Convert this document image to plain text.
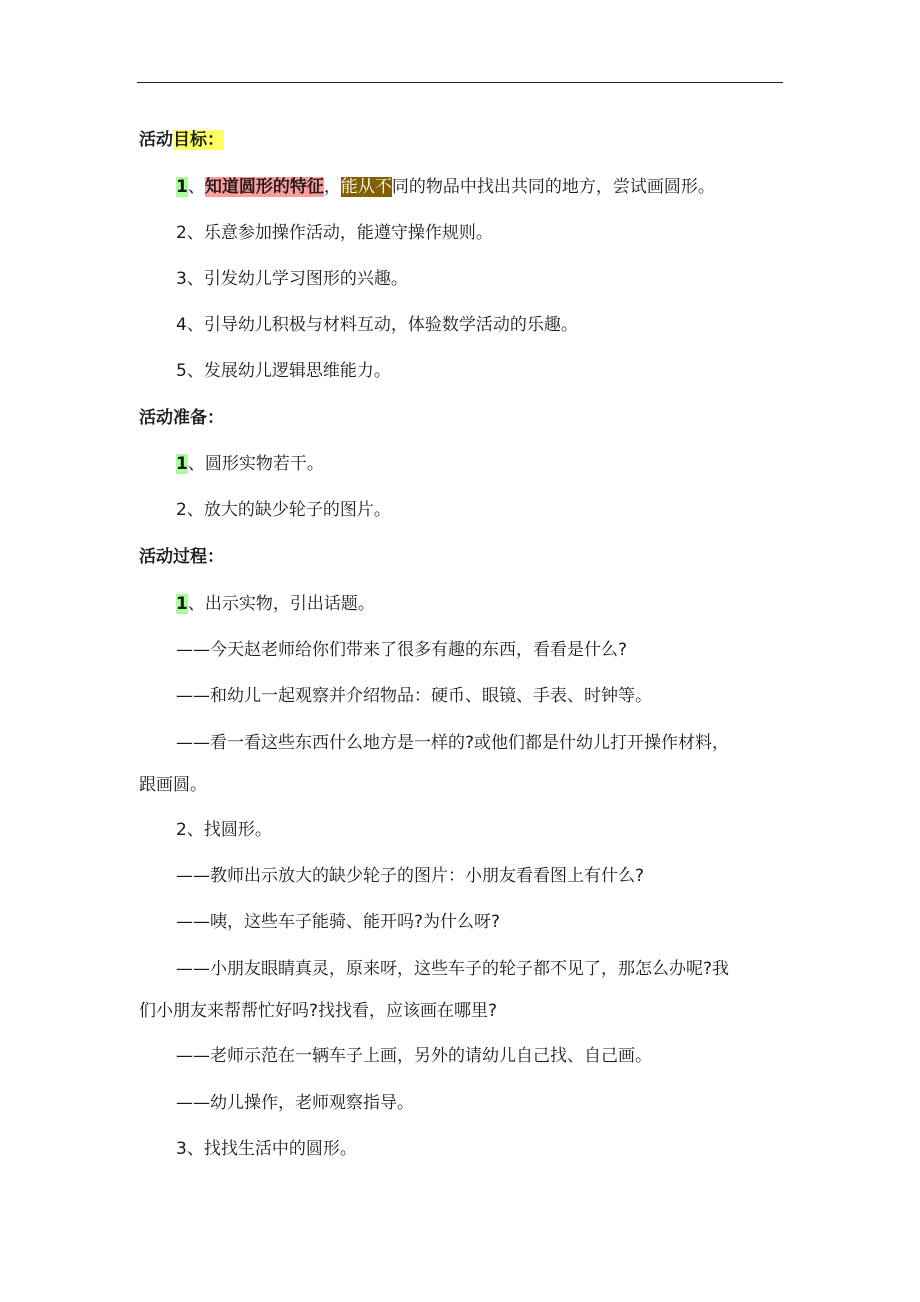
活动目标：
1、知道圆形的特征，能从不同的物品中找出共同的地方，尝试画圆形。
2、乐意参加操作活动，能遵守操作规则。
3、引发幼儿学习图形的兴趣。
4、引导幼儿积极与材料互动，体验数学活动的乐趣。
5、发展幼儿逻辑思维能力。
活动准备：
1、圆形实物若干。
2、放大的缺少轮子的图片。
活动过程：
1、出示实物，引出话题。
——今天赵老师给你们带来了很多有趣的东西，看看是什么?
——和幼儿一起观察并介绍物品：硬币、眼镜、手表、时钟等。
——看一看这些东西什么地方是一样的?或他们都是什幼儿打开操作材料，
跟画圆。
2、找圆形。
——教师出示放大的缺少轮子的图片：小朋友看看图上有什么?
——咦，这些车子能骑、能开吗?为什么呀?
——小朋友眼睛真灵，原来呀，这些车子的轮子都不见了，那怎么办呢?我
们小朋友来帮帮忙好吗?找找看，应该画在哪里?
——老师示范在一辆车子上画，另外的请幼儿自己找、自己画。
——幼儿操作，老师观察指导。
3、找找生活中的圆形。
